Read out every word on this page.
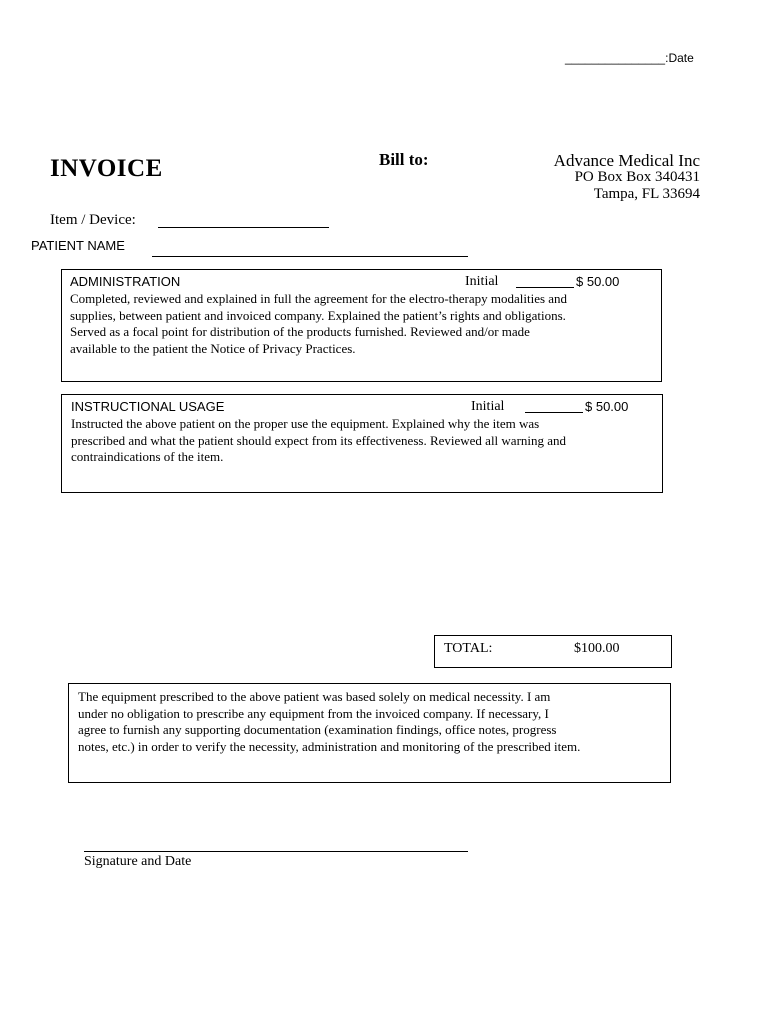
_______________:Date
INVOICE	Bill to:	Advance Medical Inc
PO Box Box 340431
Tampa, FL 33694
Item / Device:
PATIENT NAME
ADMINISTRATION	Initial	$ 50.00
Completed, reviewed and explained in full the agreement for the electro-therapy modalities and
supplies, between patient and invoiced company. Explained the patient’s rights and obligations.
Served as a focal point for distribution of the products furnished. Reviewed and/or made
available to the patient the Notice of Privacy Practices.
INSTRUCTIONAL USAGE	Initial	$ 50.00
Instructed the above patient on the proper use the equipment. Explained why the item was
prescribed and what the patient should expect from its effectiveness. Reviewed all warning and
contraindications of the item.
TOTAL:	$100.00
The equipment prescribed to the above patient was based solely on medical necessity. I am
under no obligation to prescribe any equipment from the invoiced company. If necessary, I
agree to furnish any supporting documentation (examination findings, office notes, progress
notes, etc.) in order to verify the necessity, administration and monitoring of the prescribed item.
Signature and Date
